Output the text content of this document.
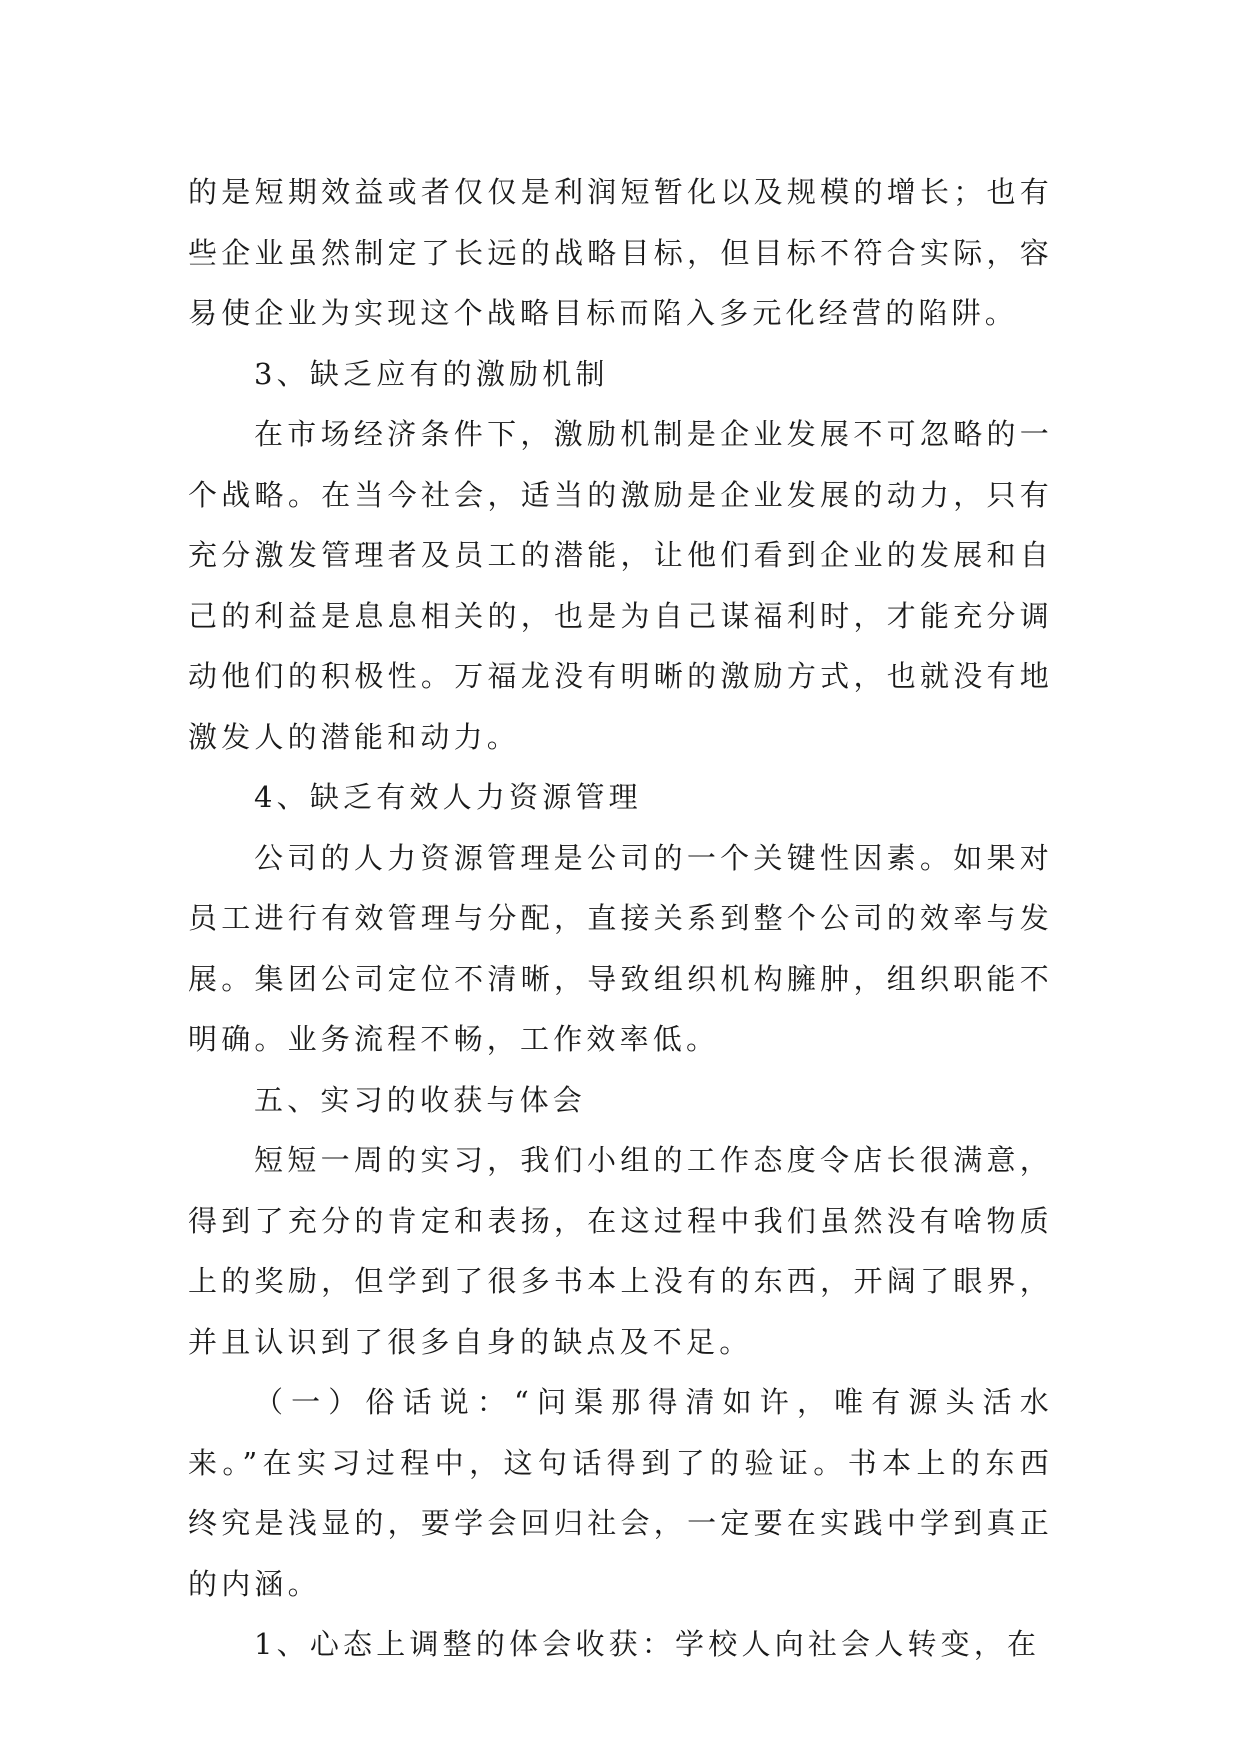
的是短期效益或者仅仅是利润短暂化以及规模的增长；也有些企业虽然制定了长远的战略目标，但目标不符合实际，容易使企业为实现这个战略目标而陷入多元化经营的陷阱。

3、缺乏应有的激励机制

在市场经济条件下，激励机制是企业发展不可忽略的一个战略。在当今社会，适当的激励是企业发展的动力，只有充分激发管理者及员工的潜能，让他们看到企业的发展和自己的利益是息息相关的，也是为自己谋福利时，才能充分调动他们的积极性。万福龙没有明晰的激励方式，也就没有地激发人的潜能和动力。

4、缺乏有效人力资源管理

公司的人力资源管理是公司的一个关键性因素。如果对员工进行有效管理与分配，直接关系到整个公司的效率与发展。集团公司定位不清晰，导致组织机构臃肿，组织职能不明确。业务流程不畅，工作效率低。

五、实习的收获与体会

短短一周的实习，我们小组的工作态度令店长很满意，得到了充分的肯定和表扬，在这过程中我们虽然没有啥物质上的奖励，但学到了很多书本上没有的东西，开阔了眼界，并且认识到了很多自身的缺点及不足。

（一）俗话说：“问渠那得清如许，唯有源头活水来。”在实习过程中，这句话得到了的验证。书本上的东西终究是浅显的，要学会回归社会，一定要在实践中学到真正的内涵。

1、心态上调整的体会收获：学校人向社会人转变，在
